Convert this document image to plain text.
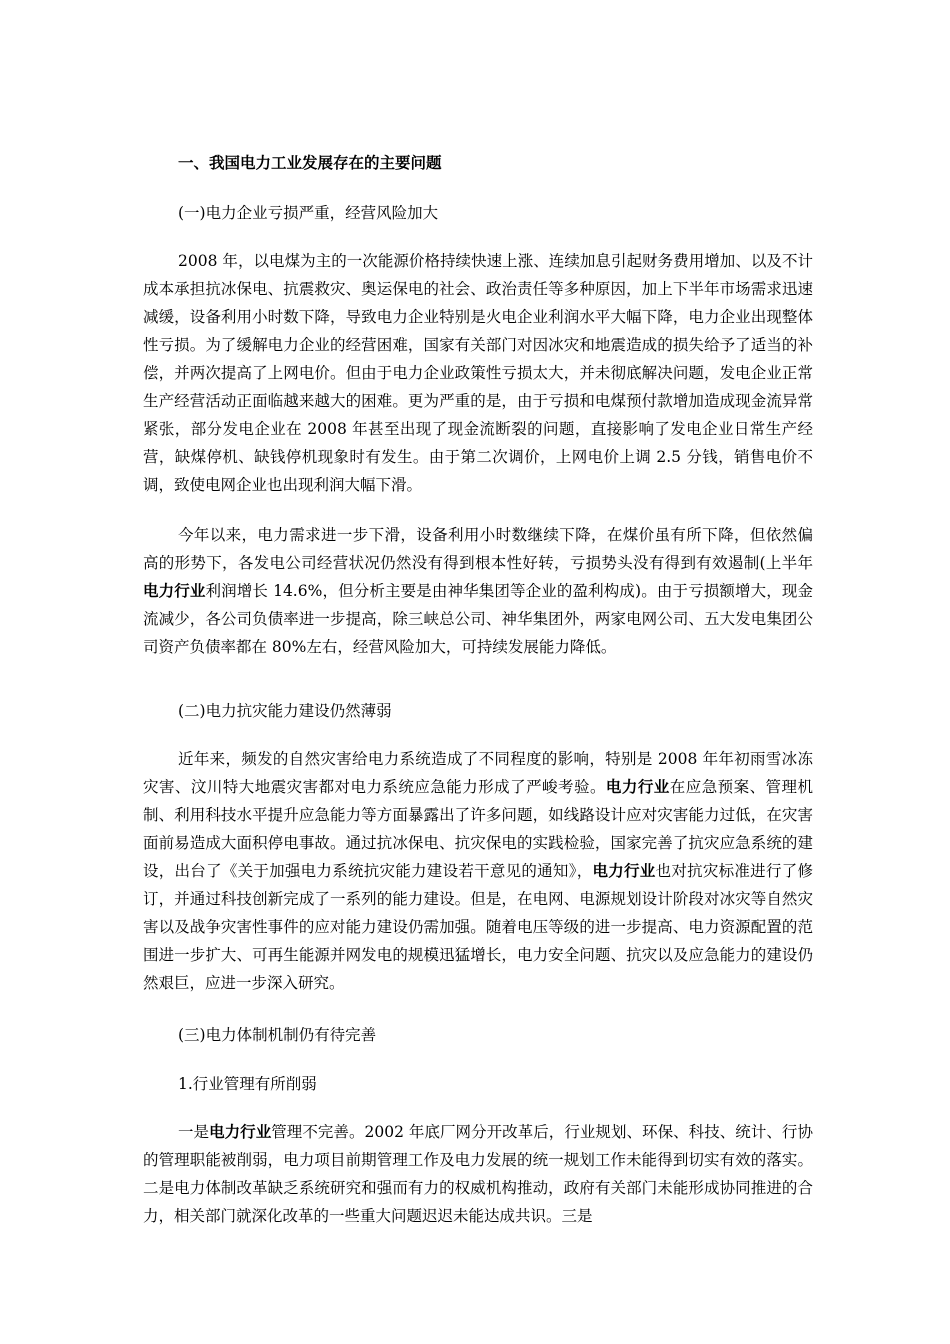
一、我国电力工业发展存在的主要问题
(一)电力企业亏损严重，经营风险加大

2008 年，以电煤为主的一次能源价格持续快速上涨、连续加息引起财务费用增加、以及不计成本承担抗冰保电、抗震救灾、奥运保电的社会、政治责任等多种原因，加上下半年市场需求迅速减缓，设备利用小时数下降，导致电力企业特别是火电企业利润水平大幅下降，电力企业出现整体性亏损。为了缓解电力企业的经营困难，国家有关部门对因冰灾和地震造成的损失给予了适当的补偿，并两次提高了上网电价。但由于电力企业政策性亏损太大，并未彻底解决问题，发电企业正常生产经营活动正面临越来越大的困难。更为严重的是，由于亏损和电煤预付款增加造成现金流异常紧张，部分发电企业在 2008 年甚至出现了现金流断裂的问题，直接影响了发电企业日常生产经营，缺煤停机、缺钱停机现象时有发生。由于第二次调价，上网电价上调 2.5 分钱，销售电价不调，致使电网企业也出现利润大幅下滑。

今年以来，电力需求进一步下滑，设备利用小时数继续下降，在煤价虽有所下降，但依然偏高的形势下，各发电公司经营状况仍然没有得到根本性好转，亏损势头没有得到有效遏制(上半年电力行业利润增长 14.6%，但分析主要是由神华集团等企业的盈利构成)。由于亏损额增大，现金流减少，各公司负债率进一步提高，除三峡总公司、神华集团外，两家电网公司、五大发电集团公司资产负债率都在 80%左右，经营风险加大，可持续发展能力降低。

(二)电力抗灾能力建设仍然薄弱

近年来，频发的自然灾害给电力系统造成了不同程度的影响，特别是 2008 年年初雨雪冰冻灾害、汶川特大地震灾害都对电力系统应急能力形成了严峻考验。电力行业在应急预案、管理机制、利用科技水平提升应急能力等方面暴露出了许多问题，如线路设计应对灾害能力过低，在灾害面前易造成大面积停电事故。通过抗冰保电、抗灾保电的实践检验，国家完善了抗灾应急系统的建设，出台了《关于加强电力系统抗灾能力建设若干意见的通知》，电力行业也对抗灾标准进行了修订，并通过科技创新完成了一系列的能力建设。但是，在电网、电源规划设计阶段对冰灾等自然灾害以及战争灾害性事件的应对能力建设仍需加强。随着电压等级的进一步提高、电力资源配置的范围进一步扩大、可再生能源并网发电的规模迅猛增长，电力安全问题、抗灾以及应急能力的建设仍然艰巨，应进一步深入研究。

(三)电力体制机制仍有待完善
1.行业管理有所削弱

一是电力行业管理不完善。2002 年底厂网分开改革后，行业规划、环保、科技、统计、行协的管理职能被削弱，电力项目前期管理工作及电力发展的统一规划工作未能得到切实有效的落实。二是电力体制改革缺乏系统研究和强而有力的权威机构推动，政府有关部门未能形成协同推进的合力，相关部门就深化改革的一些重大问题迟迟未能达成共识。三是
